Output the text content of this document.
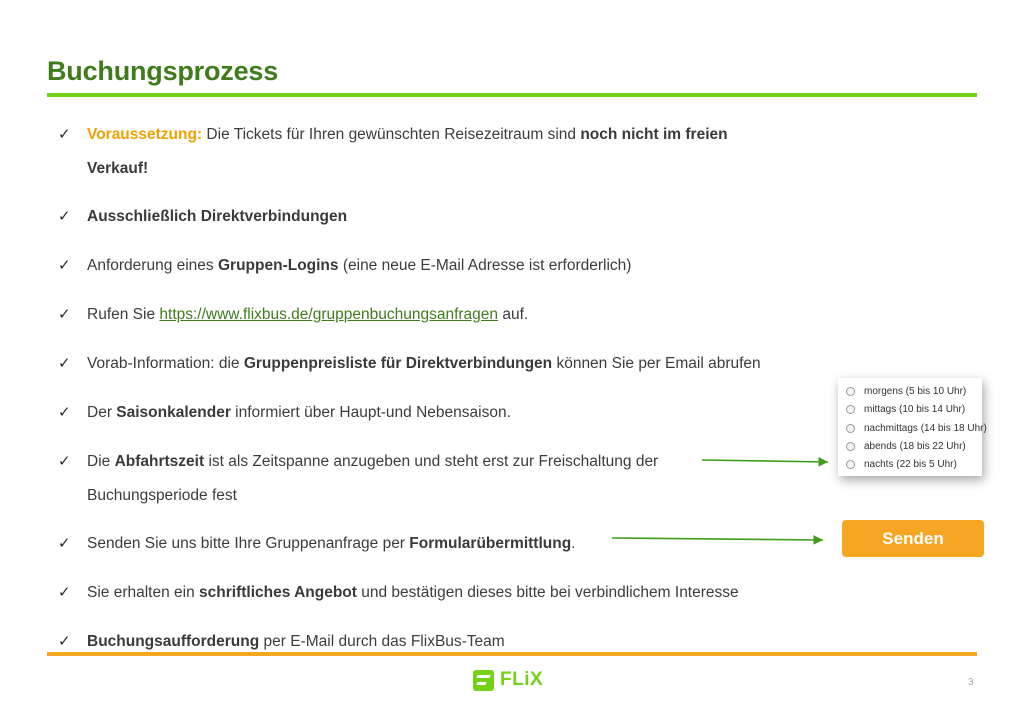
Buchungsprozess
✓ Voraussetzung: Die Tickets für Ihren gewünschten Reisezeitraum sind noch nicht im freien
Verkauf!
✓ Ausschließlich Direktverbindungen
✓ Anforderung eines Gruppen-Logins (eine neue E-Mail Adresse ist erforderlich)
✓ Rufen Sie https://www.flixbus.de/gruppenbuchungsanfragen auf.
✓ Vorab-Information: die Gruppenpreisliste für Direktverbindungen können Sie per Email abrufen
✓ Der Saisonkalender informiert über Haupt-und Nebensaison.
✓ Die Abfahrtszeit ist als Zeitspanne anzugeben und steht erst zur Freischaltung der
Buchungsperiode fest
✓ Senden Sie uns bitte Ihre Gruppenanfrage per Formularübermittlung.
✓ Sie erhalten ein schriftliches Angebot und bestätigen dieses bitte bei verbindlichem Interesse
✓ Buchungsaufforderung per E-Mail durch das FlixBus-Team
morgens (5 bis 10 Uhr)
mittags (10 bis 14 Uhr)
nachmittags (14 bis 18 Uhr)
abends (18 bis 22 Uhr)
nachts (22 bis 5 Uhr)
Senden
FLiX	3
